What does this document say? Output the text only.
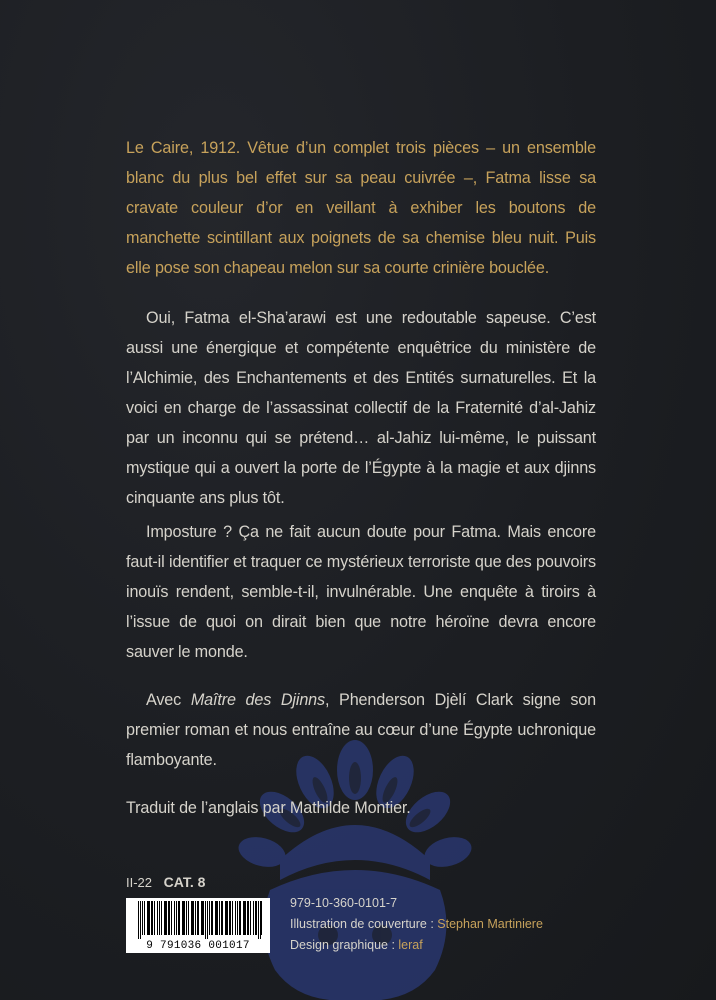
Le Caire, 1912. Vêtue d’un complet trois pièces – un ensemble blanc du plus bel effet sur sa peau cuivrée –, Fatma lisse sa cravate couleur d’or en veillant à exhiber les boutons de manchette scintillant aux poignets de sa chemise bleu nuit. Puis elle pose son chapeau melon sur sa courte crinière bouclée.

Oui, Fatma el-Sha’arawi est une redoutable sapeuse. C’est aussi une énergique et compétente enquêtrice du ministère de l’Alchimie, des Enchantements et des Entités surnaturelles. Et la voici en charge de l’assassinat collectif de la Fraternité d’al-Jahiz par un inconnu qui se prétend… al-Jahiz lui-même, le puissant mystique qui a ouvert la porte de l’Égypte à la magie et aux djinns cinquante ans plus tôt.

Imposture ? Ça ne fait aucun doute pour Fatma. Mais encore faut-il identifier et traquer ce mystérieux terroriste que des pouvoirs inouïs rendent, semble-t-il, invulnérable. Une enquête à tiroirs à l’issue de quoi on dirait bien que notre héroïne devra encore sauver le monde.

Avec Maître des Djinns, Phenderson Djèlí Clark signe son premier roman et nous entraîne au cœur d’une Égypte uchronique flamboyante.

Traduit de l’anglais par Mathilde Montier.

II-22 CAT. 8
9 791036 001017
979-10-360-0101-7
Illustration de couverture : Stephan Martiniere
Design graphique : leraf
